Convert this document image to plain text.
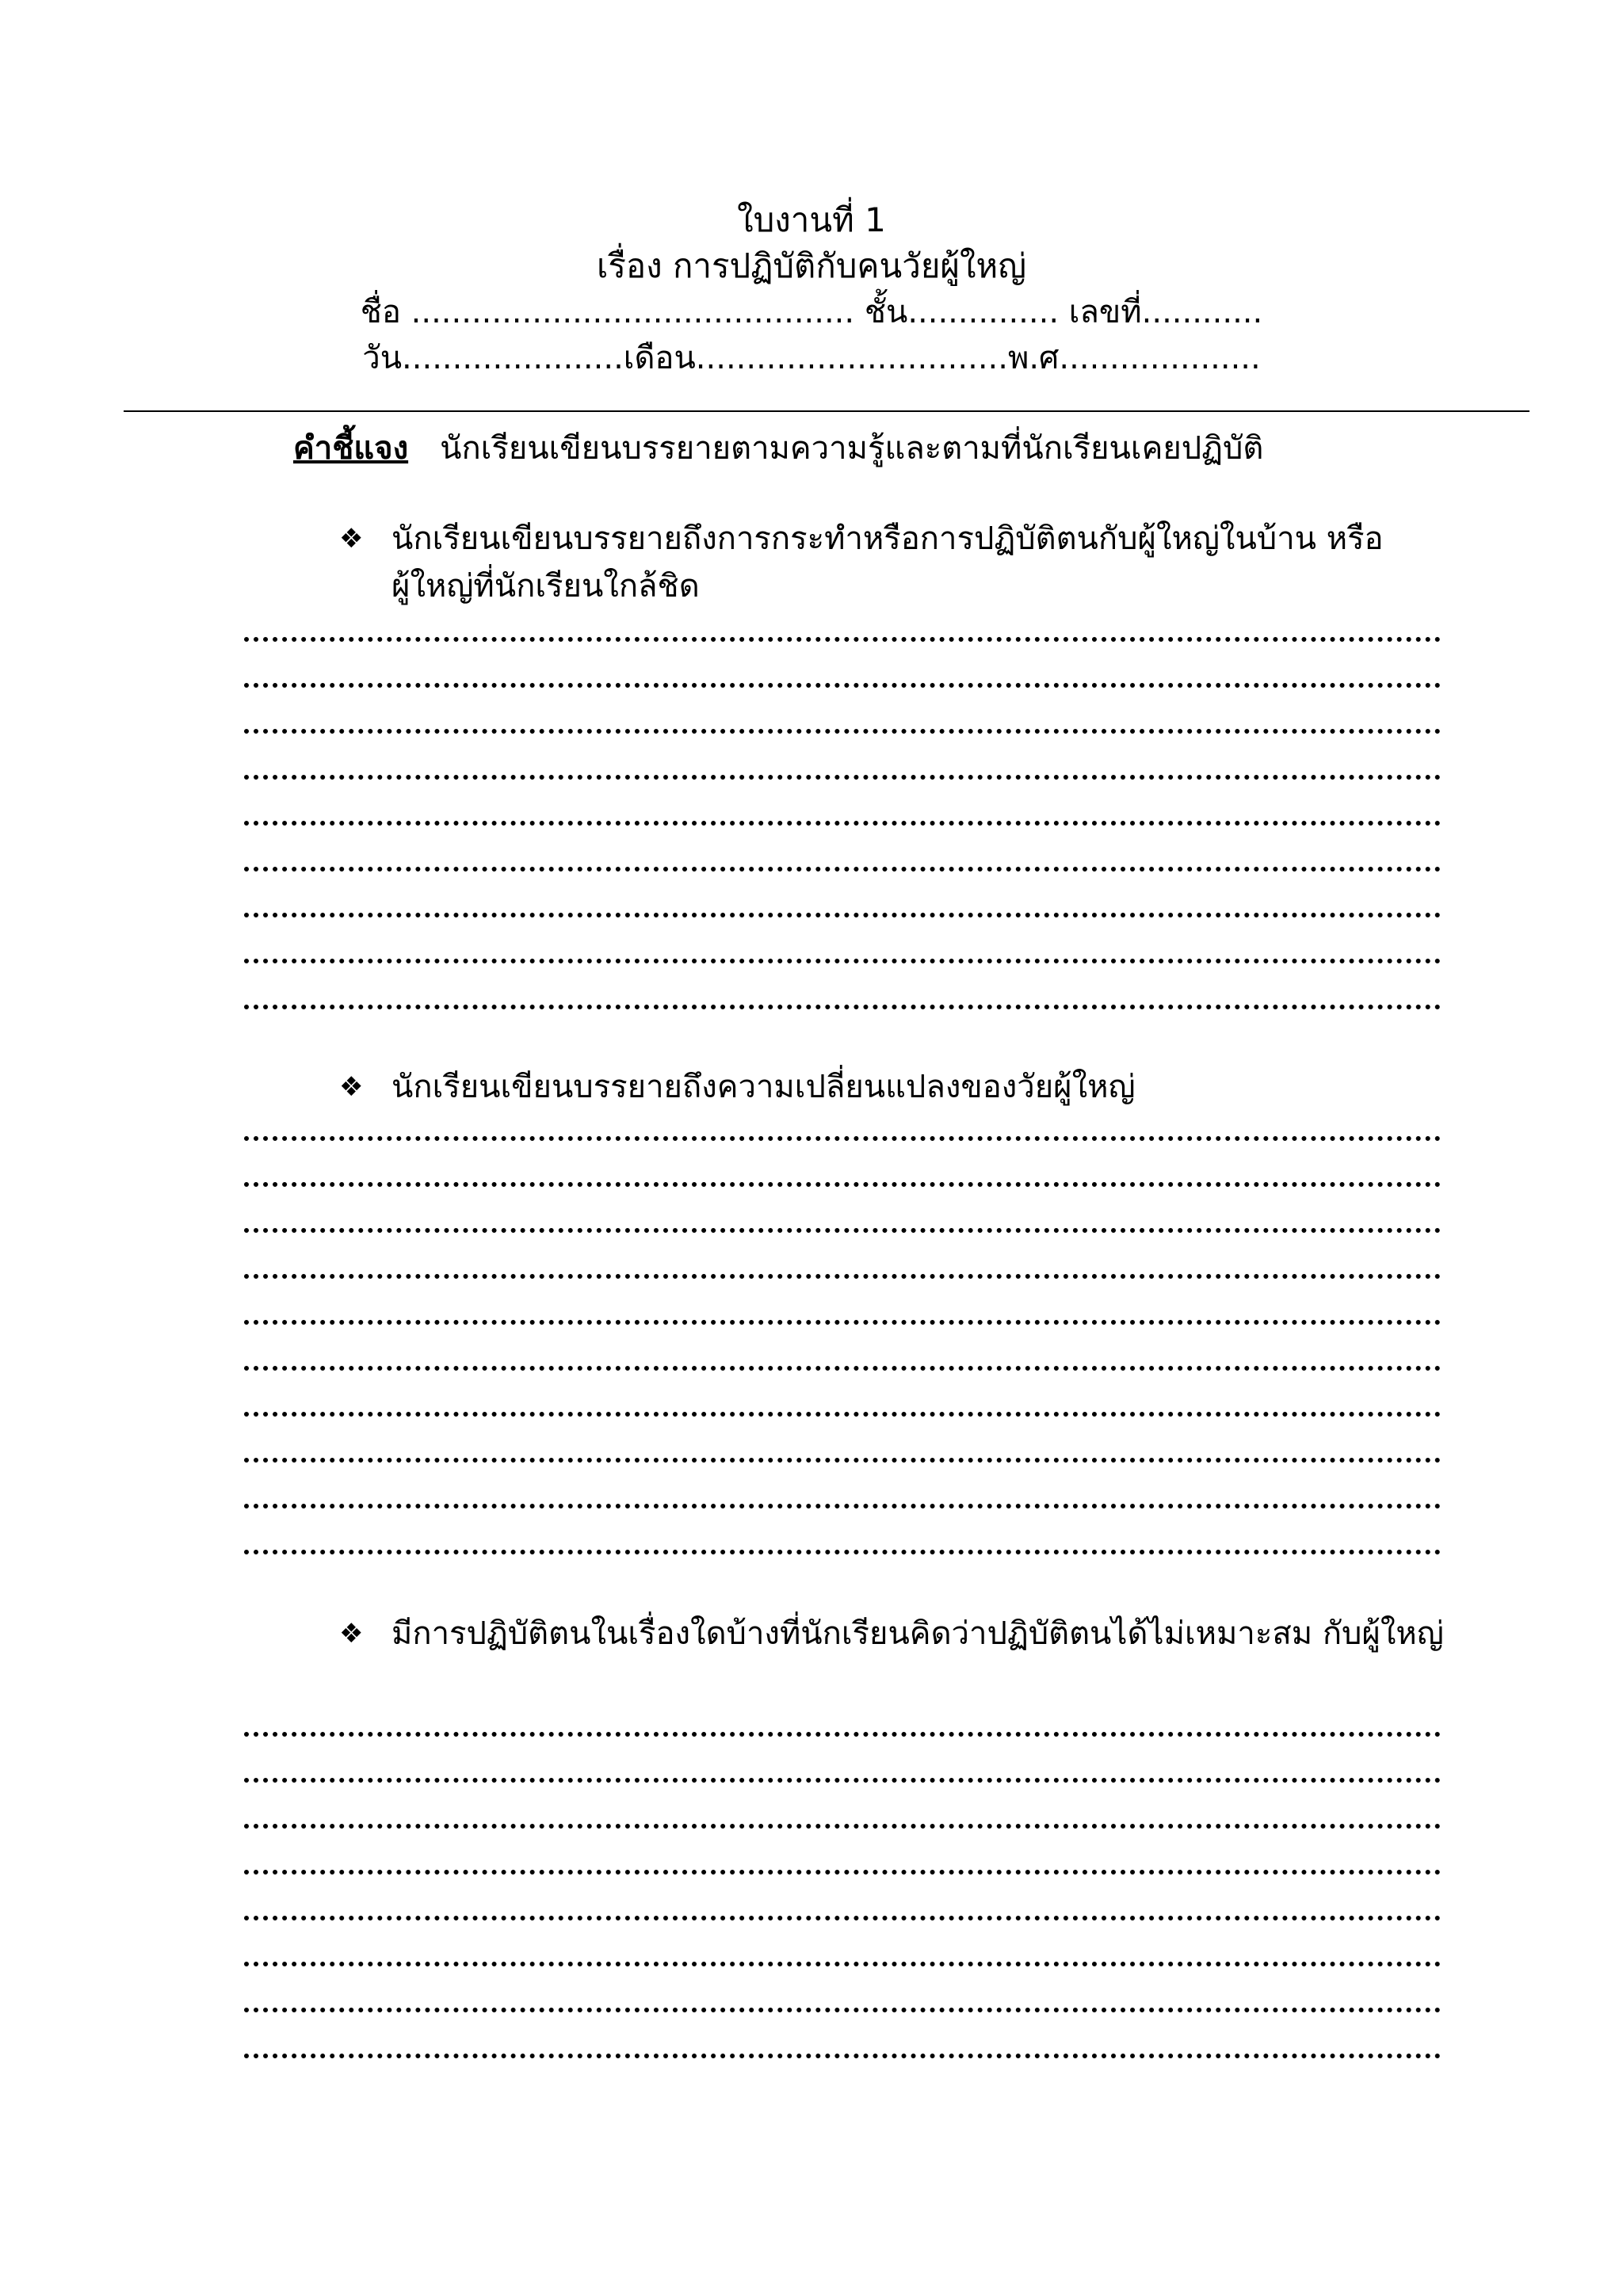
ใบงานที่ 1
เรื่อง การปฏิบัติกับคนวัยผู้ใหญ่
ชื่อ ............................................ ชั้น............... เลขที่............
วัน......................เดือน...............................พ.ศ....................
คำชี้แจง นักเรียนเขียนบรรยายตามความรู้และตามที่นักเรียนเคยปฏิบัติ
❖ นักเรียนเขียนบรรยายถึงการกระทำหรือการปฏิบัติตนกับผู้ใหญ่ในบ้าน หรือผู้ใหญ่ที่นักเรียนใกล้ชิด
❖ นักเรียนเขียนบรรยายถึงความเปลี่ยนแปลงของวัยผู้ใหญ่
❖ มีการปฏิบัติตนในเรื่องใดบ้างที่นักเรียนคิดว่าปฏิบัติตนได้ไม่เหมาะสม กับผู้ใหญ่
